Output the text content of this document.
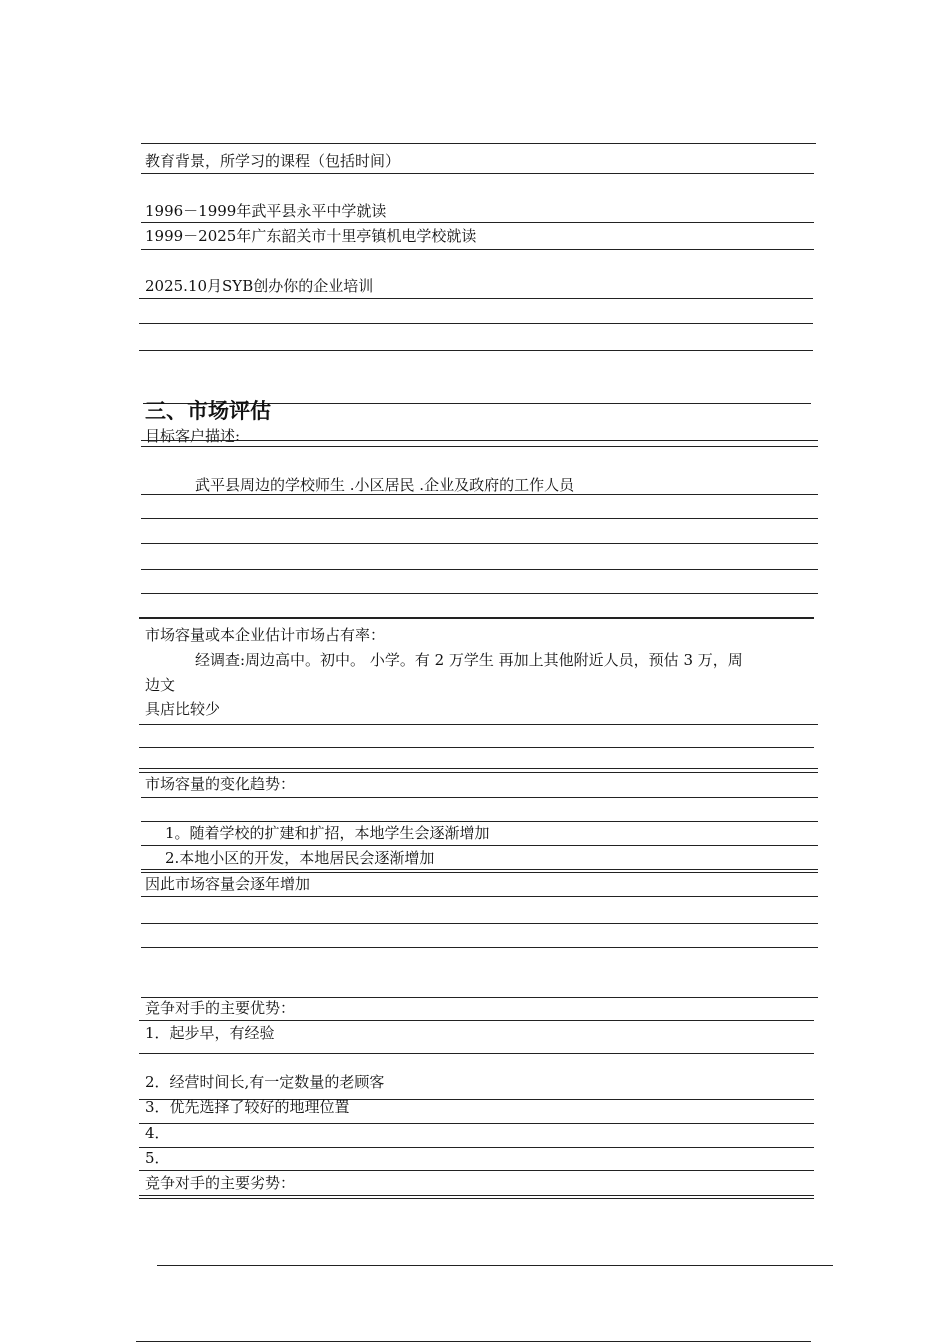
教育背景，所学习的课程（包括时间）
1996－1999年武平县永平中学就读
1999－2025年广东韶关市十里亭镇机电学校就读
2025.10月SYB创办你的企业培训
三、市场评估
目标客户描述:
武平县周边的学校师生 .小区居民 .企业及政府的工作人员
市场容量或本企业估计市场占有率：
经调查:周边高中。初中。 小学。有 2 万学生 再加上其他附近人员，预估 3 万，周
边文
具店比较少
市场容量的变化趋势：
1。随着学校的扩建和扩招，本地学生会逐渐增加
2.本地小区的开发，本地居民会逐渐增加
因此市场容量会逐年增加
竞争对手的主要优势：
1．起步早，有经验
2．经营时间长,有一定数量的老顾客
3．优先选择了较好的地理位置
4．
5．
竞争对手的主要劣势：
